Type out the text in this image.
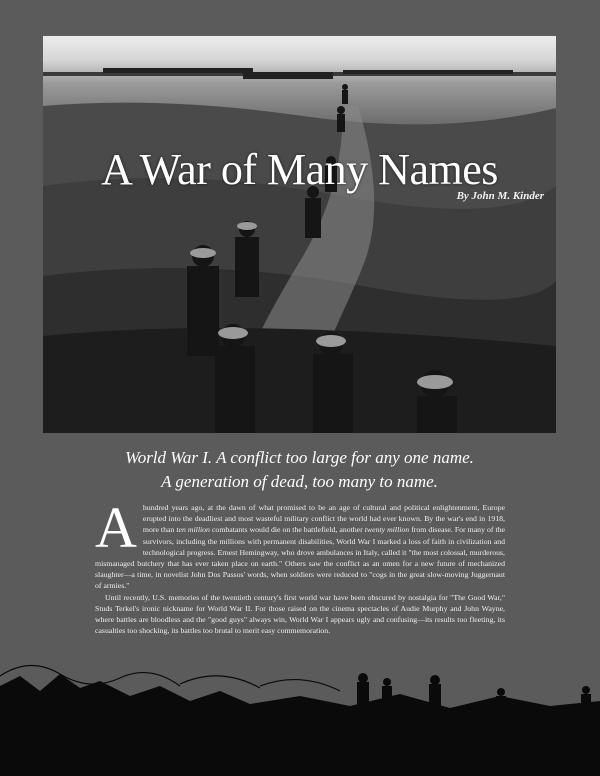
A War of Many Names
By John M. Kinder
World War I. A conflict too large for any one name.
A generation of dead, too many to name.

A hundred years ago, at the dawn of what promised to be an age of cultural and political enlightenment, Europe erupted into the deadliest and most wasteful military conflict the world had ever known. By the war's end in 1918, more than ten million combatants would die on the battlefield, another twenty million from disease. For many of the survivors, including the millions with permanent disabilities, World War I marked a loss of faith in civilization and technological progress. Ernest Hemingway, who drove ambulances in Italy, called it "the most colossal, murderous, mismanaged butchery that has ever taken place on earth." Others saw the conflict as an omen for a new future of mechanized slaughter—a time, in novelist John Dos Passos' words, when soldiers were reduced to "cogs in the great slow-moving Juggernaut of armies."

Until recently, U.S. memories of the twentieth century's first world war have been obscured by nostalgia for "The Good War," Studs Terkel's ironic nickname for World War II. For those raised on the cinema spectacles of Audie Murphy and John Wayne, where battles are bloodless and the "good guys" always win, World War I appears ugly and confusing—its results too fleeting, its casualties too shocking, its battles too brutal to merit easy commemoration.
